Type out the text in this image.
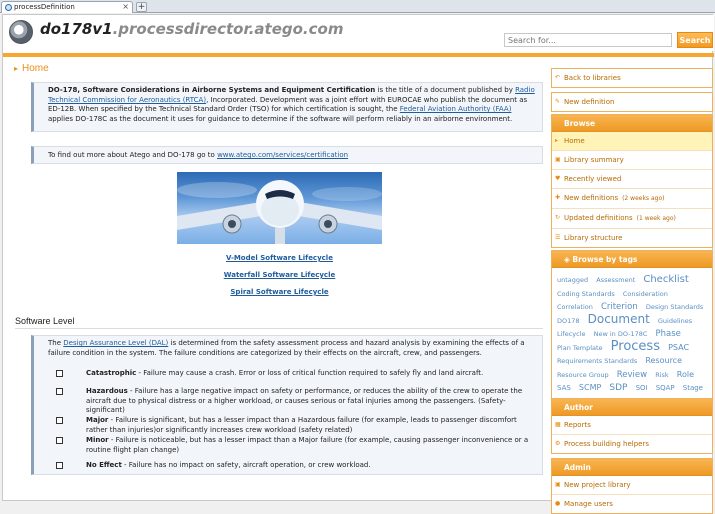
processDefinition	× +
do178v1.processdirector.atego.com
Search for...
Search
▸ Home
DO-178, Software Considerations in Airborne Systems and Equipment Certification is the title of a document published by Radio Technical Commission for Aeronautics (RTCA), Incorporated. Development was a joint effort with EUROCAE who publish the document as ED-12B. When specified by the Technical Standard Order (TSO) for which certification is sought, the Federal Aviation Authority (FAA) applies DO-178C as the document it uses for guidance to determine if the software will perform reliably in an airborne environment.
To find out more about Atego and DO-178 go to www.atego.com/services/certification
V-Model Software Lifecycle
Waterfall Software Lifecycle
Spiral Software Lifecycle
Software Level
The Design Assurance Level (DAL) is determined from the safety assessment process and hazard analysis by examining the effects of a failure condition in the system. The failure conditions are categorized by their effects on the aircraft, crew, and passengers.
Catastrophic - Failure may cause a crash. Error or loss of critical function required to safely fly and land aircraft.
Hazardous - Failure has a large negative impact on safety or performance, or reduces the ability of the crew to operate the aircraft due to physical distress or a higher workload, or causes serious or fatal injuries among the passengers. (Safety-significant)
Major - Failure is significant, but has a lesser impact than a Hazardous failure (for example, leads to passenger discomfort rather than injuries)or significantly increases crew workload (safety related)
Minor - Failure is noticeable, but has a lesser impact than a Major failure (for example, causing passenger inconvenience or a routine flight plan change)
No Effect - Failure has no impact on safety, aircraft operation, or crew workload.
↶ Back to libraries
✎ New definition
Browse
▸ Home
▣ Library summary
♥ Recently viewed
✚ New definitions (2 weeks ago)
↻ Updated definitions (1 week ago)
☰ Library structure
◈ Browse by tags
untagged Assessment Checklist Coding Standards Consideration Correlation Criterion Design Standards DO178 Document Guidelines Lifecycle New in DO-178C Phase Plan Template Process PSAC Requirements Standards Resource Resource Group Review Risk Role SAS SCMP SDP SOI SQAP Stage
Author
▦ Reports
⚙ Process building helpers
Admin
▣ New project library
● Manage users
